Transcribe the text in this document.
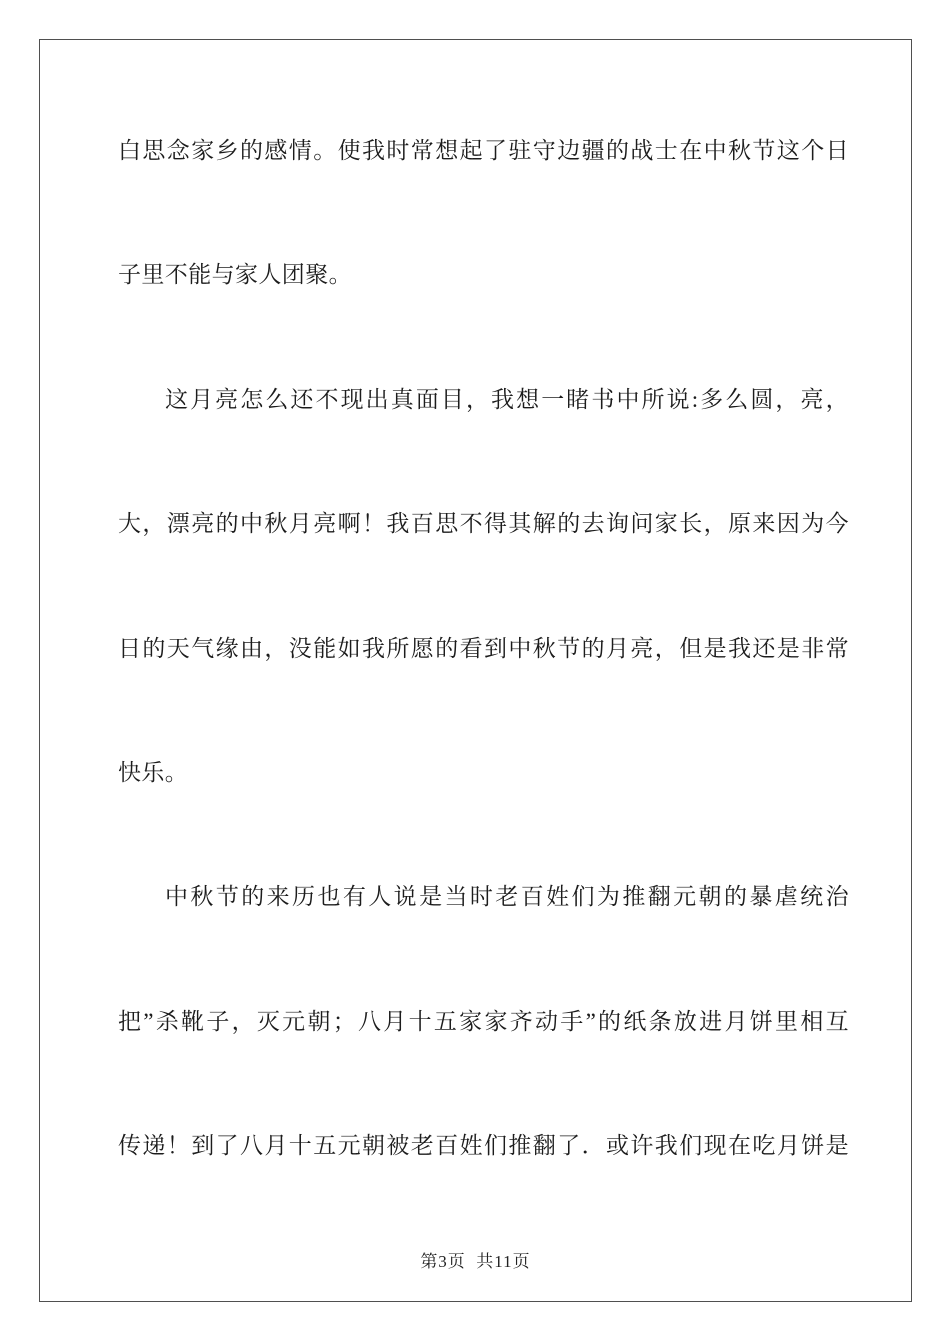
白思念家乡的感情。使我时常想起了驻守边疆的战士在中秋节这个日
子里不能与家人团聚。
这月亮怎么还不现出真面目，我想一睹书中所说:多么圆，亮，
大，漂亮的中秋月亮啊！我百思不得其解的去询问家长，原来因为今
日的天气缘由，没能如我所愿的看到中秋节的月亮，但是我还是非常
快乐。
中秋节的来历也有人说是当时老百姓们为推翻元朝的暴虐统治
把”杀靴子，灭元朝；八月十五家家齐动手”的纸条放进月饼里相互
传递！到了八月十五元朝被老百姓们推翻了．或许我们现在吃月饼是
第3页  共11页
